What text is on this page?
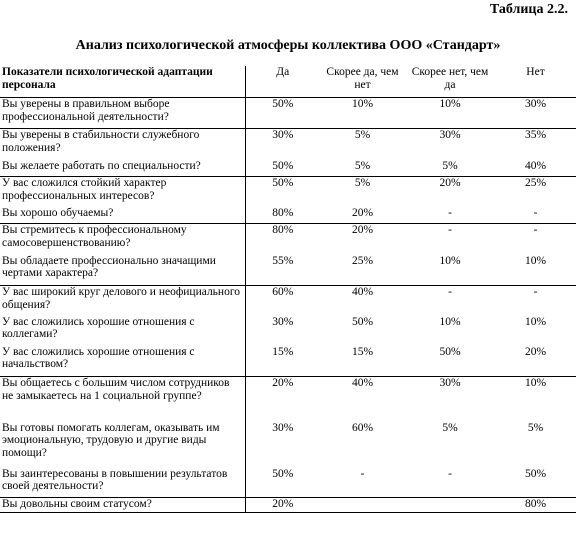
Таблица 2.2.
Анализ психологической атмосферы коллектива ООО «Стандарт»
Показатели психологической адаптации персонала	Да	Скорее да, чем нет	Скорее нет, чем да	Нет
Вы уверены в правильном выборе профессиональной деятельности?	50%	10%	10%	30%
Вы уверены в стабильности служебного положения?	30%	5%	30%	35%
Вы желаете работать по специальности?	50%	5%	5%	40%
У вас сложился стойкий характер профессиональных интересов?	50%	5%	20%	25%
Вы хорошо обучаемы?	80%	20%	-	-
Вы стремитесь к профессиональному самосовершенствованию?	80%	20%	-	-
Вы обладаете профессионально значащими чертами характера?	55%	25%	10%	10%
У вас широкий круг делового и неофициального общения?	60%	40%	-	-
У вас сложились хорошие отношения с коллегами?	30%	50%	10%	10%
У вас сложились хорошие отношения с начальством?	15%	15%	50%	20%
Вы общаетесь с большим числом сотрудников не замыкаетесь на 1 социальной группе?	20%	40%	30%	10%
Вы готовы помогать коллегам, оказывать им эмоциональную, трудовую и другие виды помощи?	30%	60%	5%	5%
Вы заинтересованы в повышении результатов своей деятельности?	50%	-	-	50%
Вы довольны своим статусом?	20%			80%
